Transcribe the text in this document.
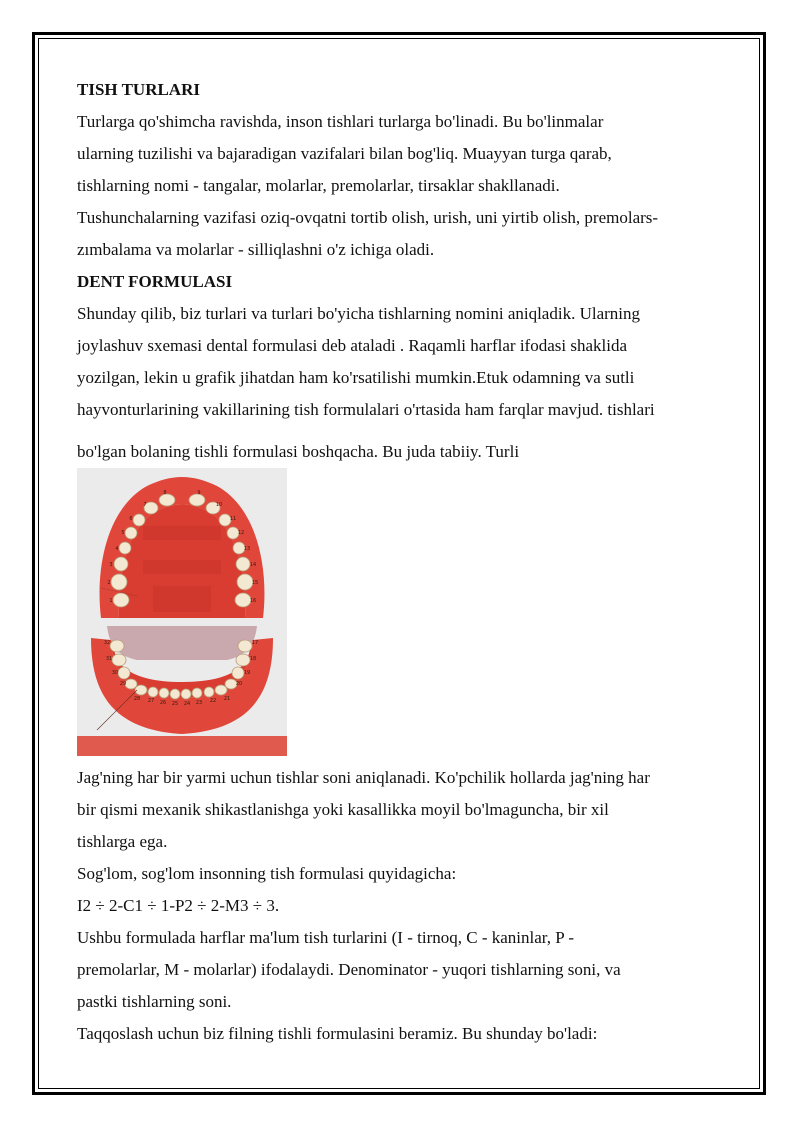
TISH TURLARI

Turlarga qo'shimcha ravishda, inson tishlari turlarga bo'linadi. Bu bo'linmalar

ularning tuzilishi va bajaradigan vazifalari bilan bog'liq. Muayyan turga qarab,

tishlarning nomi - tangalar, molarlar, premolarlar, tirsaklar shakllanadi.

Tushunchalarning vazifasi oziq-ovqatni tortib olish, urish, uni yirtib olish, premolars-

zımbalama va molarlar - silliqlashni o'z ichiga oladi.

DENT FORMULASI

Shunday qilib, biz turlari va turlari bo'yicha tishlarning nomini aniqladik. Ularning

joylashuv sxemasi dental formulasi deb ataladi . Raqamli harflar ifodasi shaklida

yozilgan, lekin u grafik jihatdan ham ko'rsatilishi mumkin.Etuk odamning va sutli

hayvonturlarining vakillarining tish formulalari o'rtasida ham farqlar mavjud. tishlari

bo'lgan bolaning tishli formulasi boshqacha. Bu juda tabiiy. Turli

1
2
3
4
5
6
7
8	9
10
11
12
13
14
15
16
17
18
19
20
21
22
23
24
25
26
27
28
29
30
31
32

Jag'ning har bir yarmi uchun tishlar soni aniqlanadi. Ko'pchilik hollarda jag'ning har

bir qismi mexanik shikastlanishga yoki kasallikka moyil bo'lmaguncha, bir xil

tishlarga ega.

Sog'lom, sog'lom insonning tish formulasi quyidagicha:

I2 ÷ 2-C1 ÷ 1-P2 ÷ 2-M3 ÷ 3.

Ushbu formulada harflar ma'lum tish turlarini (I - tirnoq, C - kaninlar, P -

premolarlar, M - molarlar) ifodalaydi. Denominator - yuqori tishlarning soni, va

pastki tishlarning soni.

Taqqoslash uchun biz filning tishli formulasini beramiz. Bu shunday bo'ladi:
